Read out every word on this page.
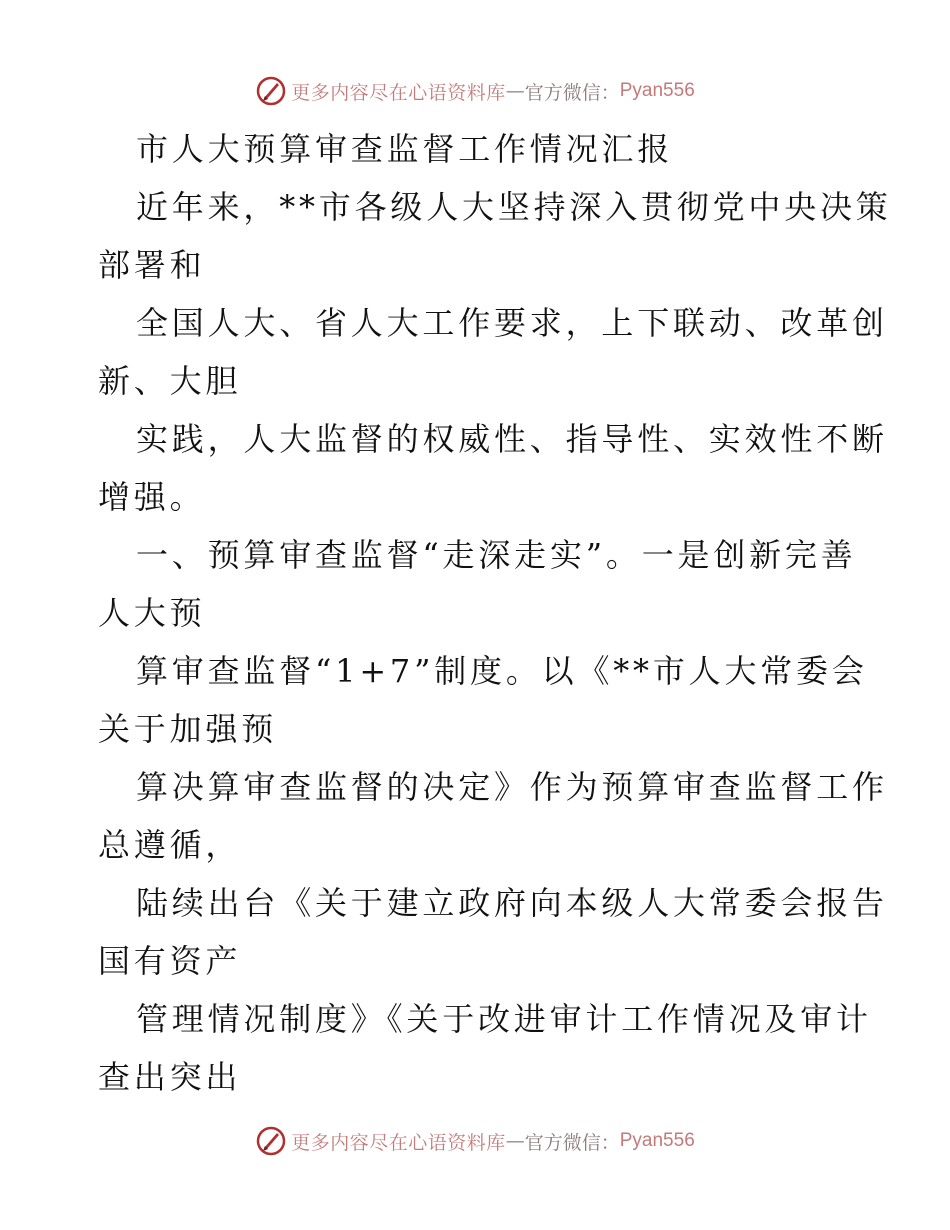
更多内容尽在心语资料库 — 官方微信： Pyan556
市人大预算审查监督工作情况汇报
近年来，**市各级人大坚持深入贯彻党中央决策
部署和
全国人大、省人大工作要求，上下联动、改革创
新、大胆
实践，人大监督的权威性、指导性、实效性不断
增强。
一、预算审查监督“走深走实”。一是创新完善
人大预
算审查监督“1+7”制度。以《**市人大常委会
关于加强预
算决算审查监督的决定》作为预算审查监督工作
总遵循，
陆续出台《关于建立政府向本级人大常委会报告
国有资产
管理情况制度》《关于改进审计工作情况及审计
查出突出
更多内容尽在心语资料库 — 官方微信： Pyan556
